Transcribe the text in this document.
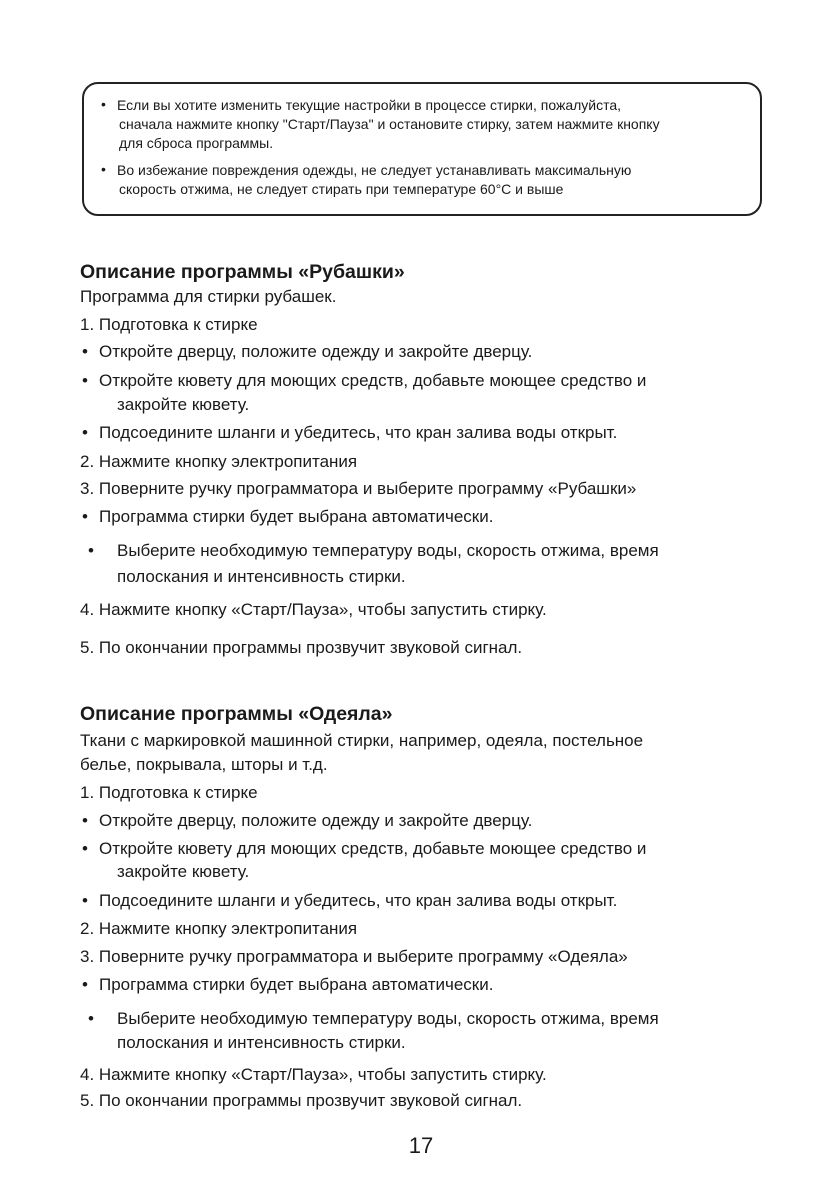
• Если вы хотите изменить текущие настройки в процессе стирки, пожалуйста,
сначала нажмите кнопку "Старт/Пауза" и остановите стирку, затем нажмите кнопку
для сброса программы.
• Во избежание повреждения одежды, не следует устанавливать максимальную
скорость отжима, не следует стирать при температуре 60°С и выше
Описание программы «Рубашки»
Программа для стирки рубашек.
1. Подготовка к стирке
• Откройте дверцу, положите одежду и закройте дверцу.
• Откройте кювету для моющих средств, добавьте моющее средство и
закройте кювету.
• Подсоедините шланги и убедитесь, что кран залива воды открыт.
2. Нажмите кнопку электропитания
3. Поверните ручку программатора и выберите программу «Рубашки»
• Программа стирки будет выбрана автоматически.
• Выберите необходимую температуру воды, скорость отжима, время
полоскания и интенсивность стирки.
4. Нажмите кнопку «Старт/Пауза», чтобы запустить стирку.
5. По окончании программы прозвучит звуковой сигнал.
Описание программы «Одеяла»
Ткани с маркировкой машинной стирки, например, одеяла, постельное
белье, покрывала, шторы и т.д.
1. Подготовка к стирке
• Откройте дверцу, положите одежду и закройте дверцу.
• Откройте кювету для моющих средств, добавьте моющее средство и
закройте кювету.
• Подсоедините шланги и убедитесь, что кран залива воды открыт.
2. Нажмите кнопку электропитания
3. Поверните ручку программатора и выберите программу «Одеяла»
• Программа стирки будет выбрана автоматически.
• Выберите необходимую температуру воды, скорость отжима, время
полоскания и интенсивность стирки.
4. Нажмите кнопку «Старт/Пауза», чтобы запустить стирку.
5. По окончании программы прозвучит звуковой сигнал.
17
